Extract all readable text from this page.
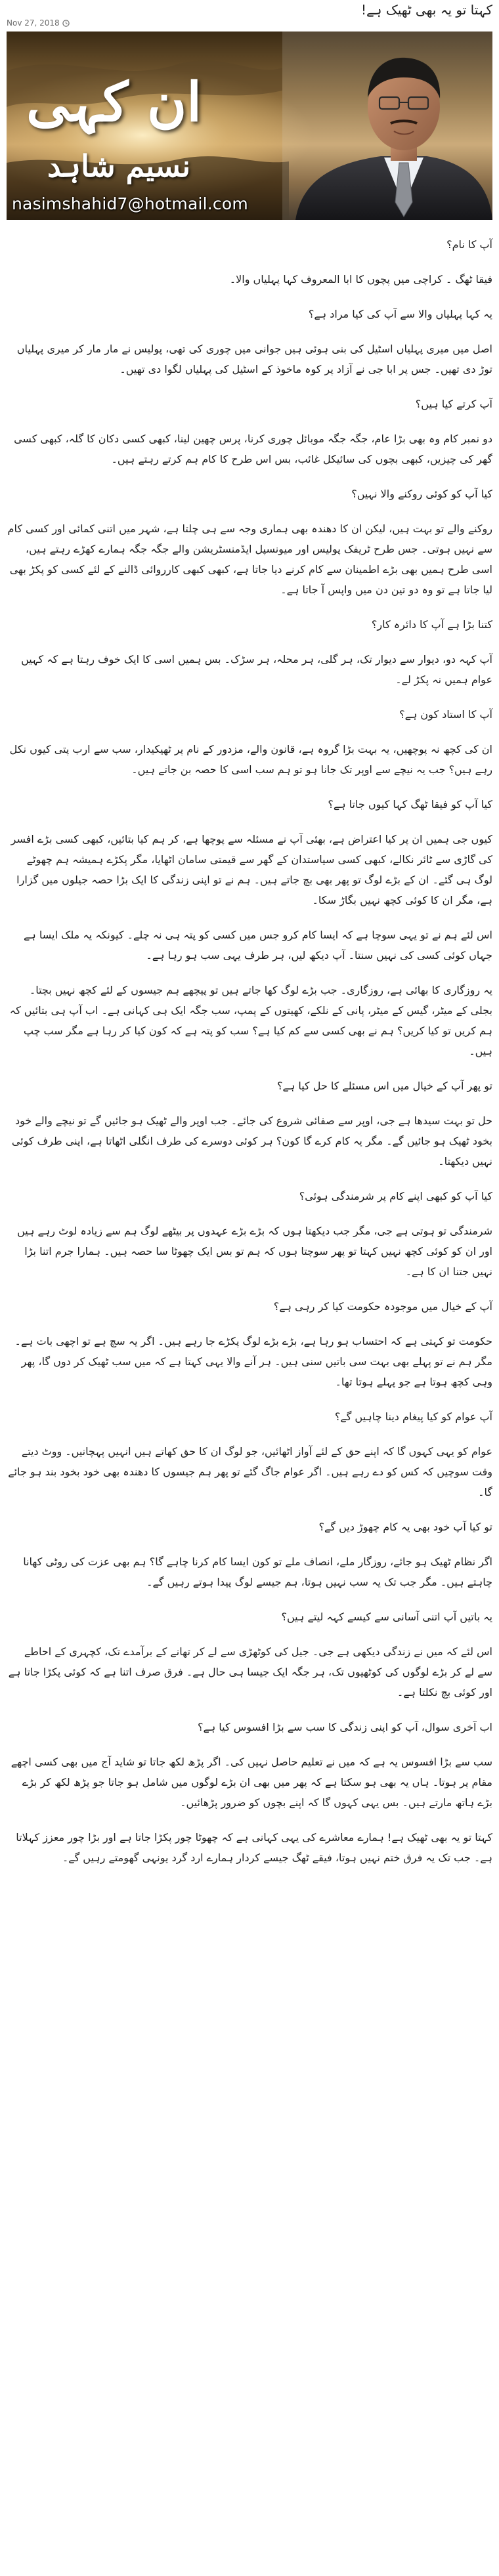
کہتا تو یہ بھی ٹھیک ہے!
Nov 27, 2018
ان کہی
نسیم شاہد
nasimshahid7@hotmail.com

آپ کا نام؟

فیقا ٹھگ ۔ کراچی میں پچوں کا ابا المعروف کہا پہلیاں والا۔

یہ کہا پہلیاں والا سے آپ کی کیا مراد ہے؟

اصل میں میری پہلیاں اسٹیل کی بنی ہوئی ہیں جوانی میں چوری کی تھی، پولیس نے مار مار کر میری پہلیاں توڑ دی تھیں۔ جس پر ابا جی نے آزاد پر کوہ ماخوذ کے اسٹیل کی پہلیاں لگوا دی تھیں۔

آپ کرتے کیا ہیں؟

دو نمبر کام وہ بھی بڑا عام، جگہ جگہ موبائل چوری کرنا، پرس چھین لینا، کبھی کسی دکان کا گلہ، کبھی کسی گھر کی چیزیں، کبھی بچوں کی سائیکل غائب، بس اس طرح کا کام ہم کرتے رہتے ہیں۔

کیا آپ کو کوئی روکنے والا نہیں؟

روکنے والے تو بہت ہیں، لیکن ان کا دھندہ بھی ہماری وجہ سے ہی چلتا ہے، شہر میں اتنی کمائی اور کسی کام سے نہیں ہوتی۔ جس طرح ٹریفک پولیس اور میونسپل ایڈمنسٹریشن والے جگہ جگہ ہمارے کھڑے رہتے ہیں، اسی طرح ہمیں بھی بڑے اطمینان سے کام کرنے دیا جاتا ہے، کبھی کبھی کارروائی ڈالنے کے لئے کسی کو پکڑ بھی لیا جاتا ہے تو وہ دو تین دن میں واپس آ جاتا ہے۔

کتنا بڑا ہے آپ کا دائرہ کار؟

آپ کہہ دو، دیوار سے دیوار تک، ہر گلی، ہر محلہ، ہر سڑک۔ بس ہمیں اسی کا ایک خوف رہتا ہے کہ کہیں عوام ہمیں نہ پکڑ لے۔

آپ کا استاد کون ہے؟

ان کی کچھ نہ پوچھیں، یہ بہت بڑا گروہ ہے، قانون والے، مزدور کے نام پر ٹھیکیدار، سب سے ارب پتی کیوں نکل رہے ہیں؟ جب یہ نیچے سے اوپر تک جانا ہو تو ہم سب اسی کا حصہ بن جاتے ہیں۔

کیا آپ کو فیقا ٹھگ کہا کیوں جاتا ہے؟

کیوں جی ہمیں ان پر کیا اعتراض ہے، بھئی آپ نے مسئلہ سے پوچھا ہے، کر ہم کیا بتائیں، کبھی کسی بڑے افسر کی گاڑی سے ٹائر نکالے، کبھی کسی سیاستدان کے گھر سے قیمتی سامان اٹھایا، مگر پکڑے ہمیشہ ہم چھوٹے لوگ ہی گئے۔ ان کے بڑے لوگ تو پھر بھی بچ جاتے ہیں۔ ہم نے تو اپنی زندگی کا ایک بڑا حصہ جیلوں میں گزارا ہے، مگر ان کا کوئی کچھ نہیں بگاڑ سکا۔

اس لئے ہم نے تو یہی سوچا ہے کہ ایسا کام کرو جس میں کسی کو پتہ ہی نہ چلے۔ کیونکہ یہ ملک ایسا ہے جہاں کوئی کسی کی نہیں سنتا۔ آپ دیکھ لیں، ہر طرف یہی سب ہو رہا ہے۔

یہ روزگاری کا بھائی ہے، روزگاری۔ جب بڑے لوگ کھا جاتے ہیں تو پیچھے ہم جیسوں کے لئے کچھ نہیں بچتا۔ بجلی کے میٹر، گیس کے میٹر، پانی کے نلکے، کھیتوں کے پمپ، سب جگہ ایک ہی کہانی ہے۔ اب آپ ہی بتائیں کہ ہم کریں تو کیا کریں؟ ہم نے بھی کسی سے کم کیا ہے؟ سب کو پتہ ہے کہ کون کیا کر رہا ہے مگر سب چپ ہیں۔

تو پھر آپ کے خیال میں اس مسئلے کا حل کیا ہے؟

حل تو بہت سیدھا ہے جی، اوپر سے صفائی شروع کی جائے۔ جب اوپر والے ٹھیک ہو جائیں گے تو نیچے والے خود بخود ٹھیک ہو جائیں گے۔ مگر یہ کام کرے گا کون؟ ہر کوئی دوسرے کی طرف انگلی اٹھاتا ہے، اپنی طرف کوئی نہیں دیکھتا۔

کیا آپ کو کبھی اپنے کام پر شرمندگی ہوئی؟

شرمندگی تو ہوتی ہے جی، مگر جب دیکھتا ہوں کہ بڑے بڑے عہدوں پر بیٹھے لوگ ہم سے زیادہ لوٹ رہے ہیں اور ان کو کوئی کچھ نہیں کہتا تو پھر سوچتا ہوں کہ ہم تو بس ایک چھوٹا سا حصہ ہیں۔ ہمارا جرم اتنا بڑا نہیں جتنا ان کا ہے۔

آپ کے خیال میں موجودہ حکومت کیا کر رہی ہے؟

حکومت تو کہتی ہے کہ احتساب ہو رہا ہے، بڑے بڑے لوگ پکڑے جا رہے ہیں۔ اگر یہ سچ ہے تو اچھی بات ہے۔ مگر ہم نے تو پہلے بھی بہت سی باتیں سنی ہیں۔ ہر آنے والا یہی کہتا ہے کہ میں سب ٹھیک کر دوں گا، پھر وہی کچھ ہوتا ہے جو پہلے ہوتا تھا۔

آپ عوام کو کیا پیغام دینا چاہیں گے؟

عوام کو یہی کہوں گا کہ اپنے حق کے لئے آواز اٹھائیں، جو لوگ ان کا حق کھاتے ہیں انہیں پہچانیں۔ ووٹ دیتے وقت سوچیں کہ کس کو دے رہے ہیں۔ اگر عوام جاگ گئے تو پھر ہم جیسوں کا دھندہ بھی خود بخود بند ہو جائے گا۔

تو کیا آپ خود بھی یہ کام چھوڑ دیں گے؟

اگر نظام ٹھیک ہو جائے، روزگار ملے، انصاف ملے تو کون ایسا کام کرنا چاہے گا؟ ہم بھی عزت کی روٹی کھانا چاہتے ہیں۔ مگر جب تک یہ سب نہیں ہوتا، ہم جیسے لوگ پیدا ہوتے رہیں گے۔

یہ باتیں آپ اتنی آسانی سے کیسے کہہ لیتے ہیں؟

اس لئے کہ میں نے زندگی دیکھی ہے جی۔ جیل کی کوٹھڑی سے لے کر تھانے کے برآمدے تک، کچہری کے احاطے سے لے کر بڑے لوگوں کی کوٹھیوں تک، ہر جگہ ایک جیسا ہی حال ہے۔ فرق صرف اتنا ہے کہ کوئی پکڑا جاتا ہے اور کوئی بچ نکلتا ہے۔

اب آخری سوال، آپ کو اپنی زندگی کا سب سے بڑا افسوس کیا ہے؟

سب سے بڑا افسوس یہ ہے کہ میں نے تعلیم حاصل نہیں کی۔ اگر پڑھ لکھ جاتا تو شاید آج میں بھی کسی اچھے مقام پر ہوتا۔ ہاں یہ بھی ہو سکتا ہے کہ پھر میں بھی ان بڑے لوگوں میں شامل ہو جاتا جو پڑھ لکھ کر بڑے بڑے ہاتھ مارتے ہیں۔ بس یہی کہوں گا کہ اپنے بچوں کو ضرور پڑھائیں۔

کہتا تو یہ بھی ٹھیک ہے! ہمارے معاشرے کی یہی کہانی ہے کہ چھوٹا چور پکڑا جاتا ہے اور بڑا چور معزز کہلاتا ہے۔ جب تک یہ فرق ختم نہیں ہوتا، فیقے ٹھگ جیسے کردار ہمارے ارد گرد یونہی گھومتے رہیں گے۔
